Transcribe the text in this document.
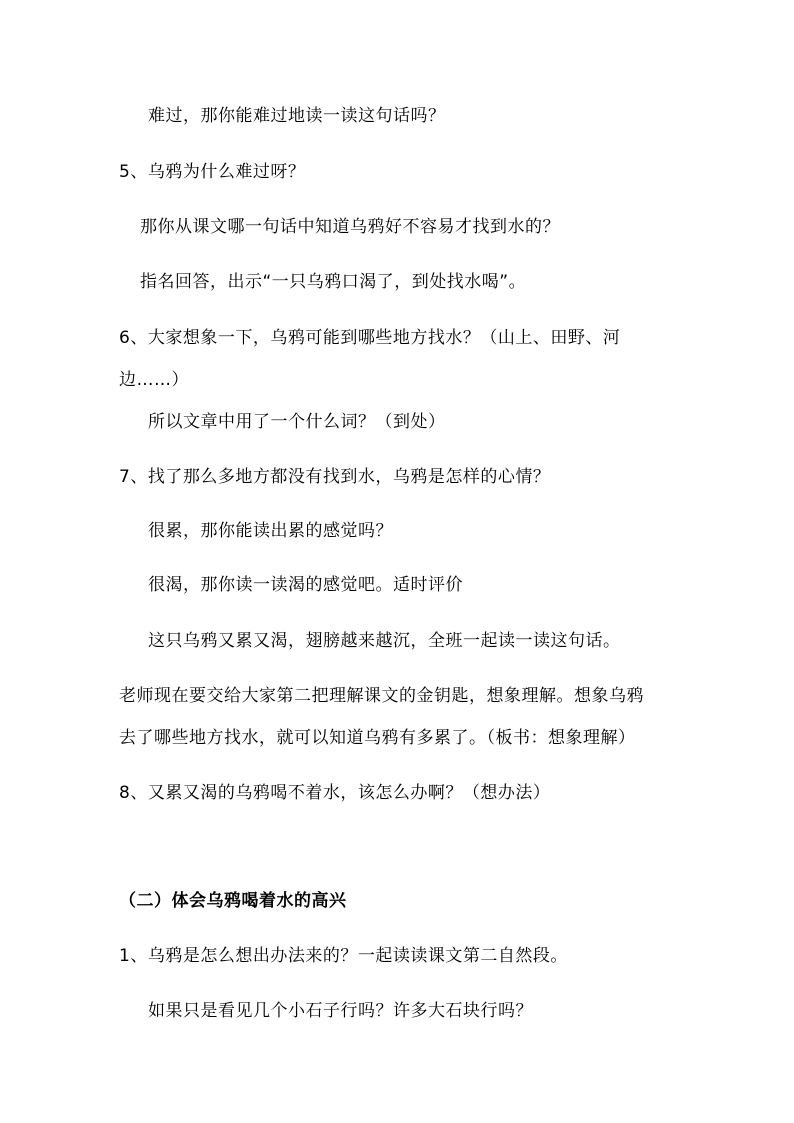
难过，那你能难过地读一读这句话吗？
5、乌鸦为什么难过呀？
那你从课文哪一句话中知道乌鸦好不容易才找到水的？
指名回答，出示“一只乌鸦口渴了，到处找水喝”。
6、大家想象一下，乌鸦可能到哪些地方找水？（山上、田野、河
边……）
所以文章中用了一个什么词？（到处）
7、找了那么多地方都没有找到水，乌鸦是怎样的心情？
很累，那你能读出累的感觉吗？
很渴，那你读一读渴的感觉吧。适时评价
这只乌鸦又累又渴，翅膀越来越沉，全班一起读一读这句话。
老师现在要交给大家第二把理解课文的金钥匙，想象理解。想象乌鸦
去了哪些地方找水，就可以知道乌鸦有多累了。（板书：想象理解）
8、又累又渴的乌鸦喝不着水，该怎么办啊？（想办法）
（二）体会乌鸦喝着水的高兴
1、乌鸦是怎么想出办法来的？一起读读课文第二自然段。
如果只是看见几个小石子行吗？许多大石块行吗？
